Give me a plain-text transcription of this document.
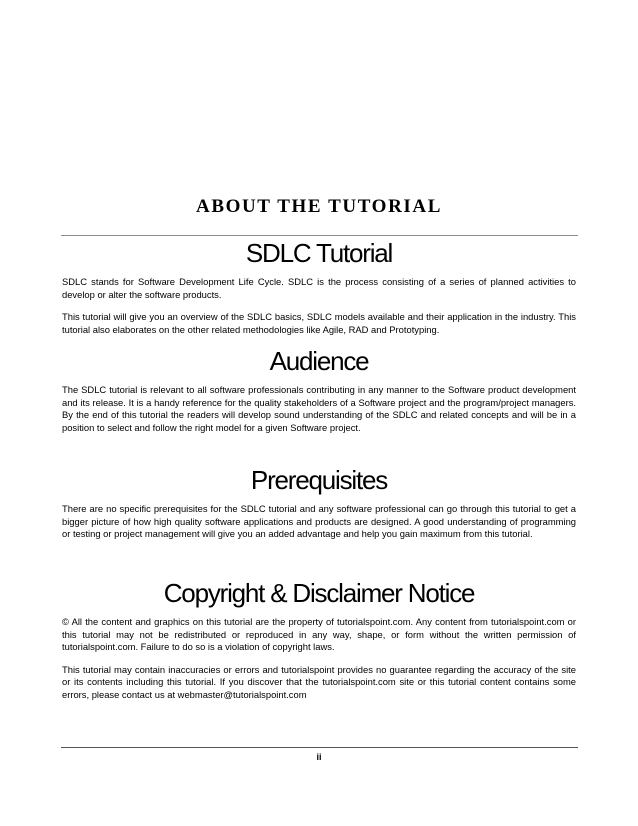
ABOUT THE TUTORIAL
SDLC Tutorial

SDLC stands for Software Development Life Cycle. SDLC is the process consisting of a series of planned activities to develop or alter the software products.

This tutorial will give you an overview of the SDLC basics, SDLC models available and their application in the industry. This tutorial also elaborates on the other related methodologies like Agile, RAD and Prototyping.

Audience

The SDLC tutorial is relevant to all software professionals contributing in any manner to the Software product development and its release. It is a handy reference for the quality stakeholders of a Software project and the program/project managers. By the end of this tutorial the readers will develop sound understanding of the SDLC and related concepts and will be in a position to select and follow the right model for a given Software project.

Prerequisites

There are no specific prerequisites for the SDLC tutorial and any software professional can go through this tutorial to get a bigger picture of how high quality software applications and products are designed. A good understanding of programming or testing or project management will give you an added advantage and help you gain maximum from this tutorial.

Copyright & Disclaimer Notice

© All the content and graphics on this tutorial are the property of tutorialspoint.com. Any content from tutorialspoint.com or this tutorial may not be redistributed or reproduced in any way, shape, or form without the written permission of tutorialspoint.com. Failure to do so is a violation of copyright laws.

This tutorial may contain inaccuracies or errors and tutorialspoint provides no guarantee regarding the accuracy of the site or its contents including this tutorial. If you discover that the tutorialspoint.com site or this tutorial content contains some errors, please contact us at webmaster@tutorialspoint.com

ii
